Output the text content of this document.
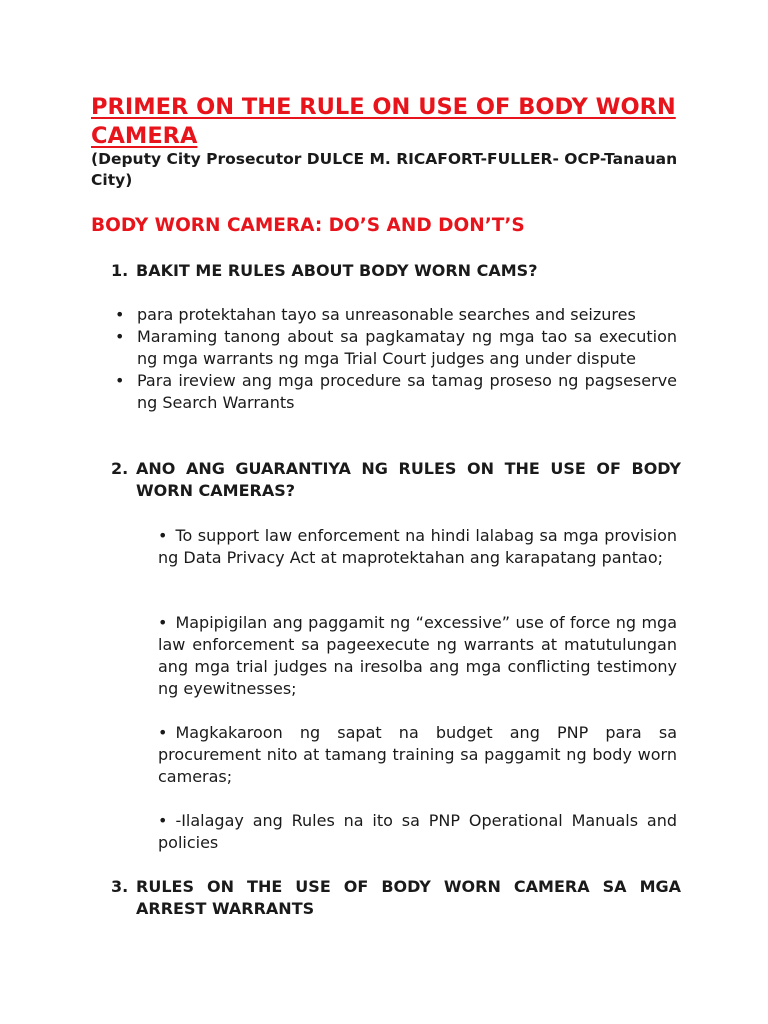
PRIMER ON THE RULE ON USE OF BODY WORN CAMERA

(Deputy City Prosecutor DULCE M. RICAFORT-FULLER- OCP-Tanauan City)

BODY WORN CAMERA: DO’S AND DON’T’S
1. BAKIT ME RULES ABOUT BODY WORN CAMS?
• para protektahan tayo sa unreasonable searches and seizures
• Maraming tanong about sa pagkamatay ng mga tao sa execution ng mga warrants ng mga Trial Court judges ang under dispute
• Para ireview ang mga procedure sa tamag proseso ng pagseserve ng Search Warrants
2. ANO ANG GUARANTIYA NG RULES ON THE USE OF BODY WORN CAMERAS?

• To support law enforcement na hindi lalabag sa mga provision ng Data Privacy Act at maprotektahan ang karapatang pantao;

• Mapipigilan ang paggamit ng “excessive” use of force ng mga law enforcement sa pageexecute ng warrants at matutulungan ang mga trial judges na iresolba ang mga conflicting testimony ng eyewitnesses;

• Magkakaroon ng sapat na budget ang PNP para sa procurement nito at tamang training sa paggamit ng body worn cameras;

• -Ilalagay ang Rules na ito sa PNP Operational Manuals and policies

3. RULES ON THE USE OF BODY WORN CAMERA SA MGA ARREST WARRANTS
